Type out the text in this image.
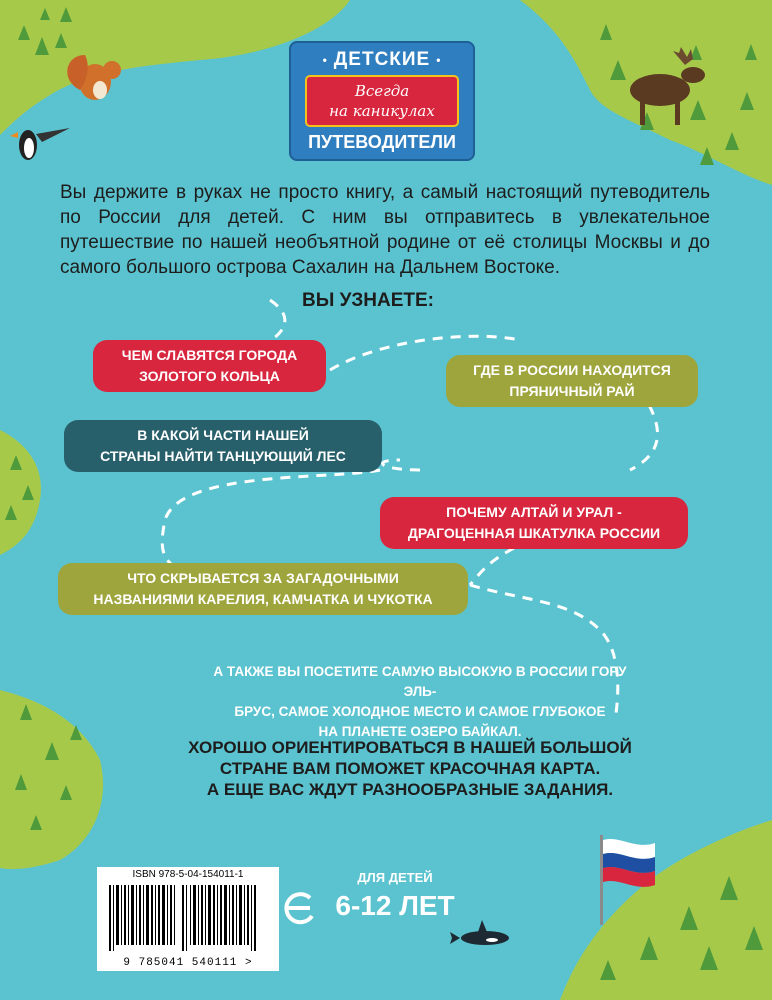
• ДЕТСКИЕ •
Всегда
на каникулах
ПУТЕВОДИТЕЛИ
Вы держите в руках не просто книгу, а самый настоящий путеводитель по России для детей. С ним вы отправитесь в увлекательное путешествие по нашей необъятной родине от её столицы Москвы и до самого большого острова Сахалин на Дальнем Востоке.
ВЫ УЗНАЕТЕ:
ЧЕМ СЛАВЯТСЯ ГОРОДА
ЗОЛОТОГО КОЛЬЦА	ГДЕ В РОССИИ НАХОДИТСЯ
ПРЯНИЧНЫЙ РАЙ
В КАКОЙ ЧАСТИ НАШЕЙ
СТРАНЫ НАЙТИ ТАНЦУЮЩИЙ ЛЕС
ПОЧЕМУ АЛТАЙ И УРАЛ -
ДРАГОЦЕННАЯ ШКАТУЛКА РОССИИ
ЧТО СКРЫВАЕТСЯ ЗА ЗАГАДОЧНЫМИ
НАЗВАНИЯМИ КАРЕЛИЯ, КАМЧАТКА И ЧУКОТКА
А ТАКЖЕ ВЫ ПОСЕТИТЕ САМУЮ ВЫСОКУЮ В РОССИИ ГОРУ ЭЛЬ-
БРУС, САМОЕ ХОЛОДНОЕ МЕСТО И САМОЕ ГЛУБОКОЕ
НА ПЛАНЕТЕ ОЗЕРО БАЙКАЛ.
ХОРОШО ОРИЕНТИРОВАТЬСЯ В НАШЕЙ БОЛЬШОЙ
СТРАНЕ ВАМ ПОМОЖЕТ КРАСОЧНАЯ КАРТА.
А ЕЩЕ ВАС ЖДУТ РАЗНООБРАЗНЫЕ ЗАДАНИЯ.
ISBN 978-5-04-154011-1
9 785041 540111 >
ДЛЯ ДЕТЕЙ
6-12 ЛЕТ
